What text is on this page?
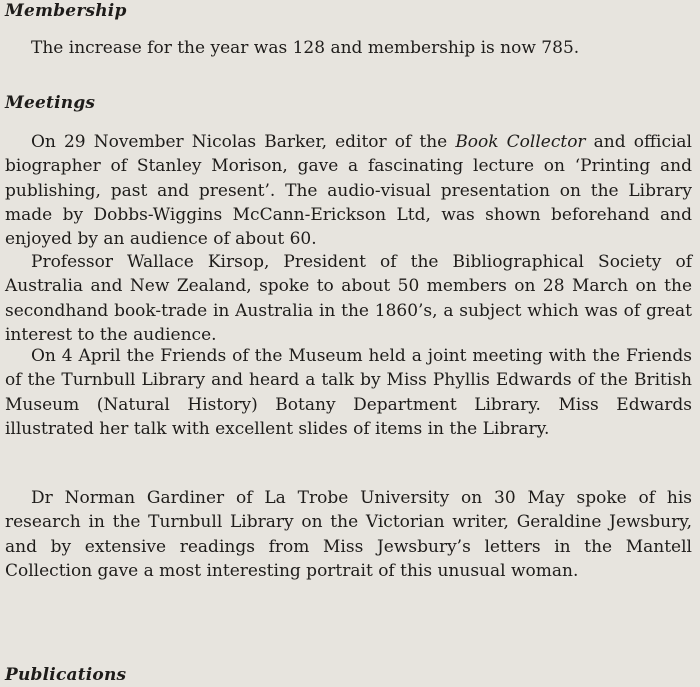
Membership

The increase for the year was 128 and membership is now 785.

Meetings

On 29 November Nicolas Barker, editor of the Book Collector and official biographer of Stanley Morison, gave a fascinating lecture on ‘Printing and publishing, past and present’. The audio-visual presentation on the Library made by Dobbs-Wiggins McCann-Erickson Ltd, was shown beforehand and enjoyed by an audience of about 60.

Professor Wallace Kirsop, President of the Bibliographical Society of Australia and New Zealand, spoke to about 50 members on 28 March on the secondhand book-trade in Australia in the 1860’s, a subject which was of great interest to the audience.

On 4 April the Friends of the Museum held a joint meeting with the Friends of the Turnbull Library and heard a talk by Miss Phyllis Edwards of the British Museum (Natural History) Botany Department Library. Miss Edwards illustrated her talk with excellent slides of items in the Library.

Dr Norman Gardiner of La Trobe University on 30 May spoke of his research in the Turnbull Library on the Victorian writer, Geraldine Jewsbury, and by extensive readings from Miss Jewsbury’s letters in the Mantell Collection gave a most interesting portrait of this unusual woman.

Publications
